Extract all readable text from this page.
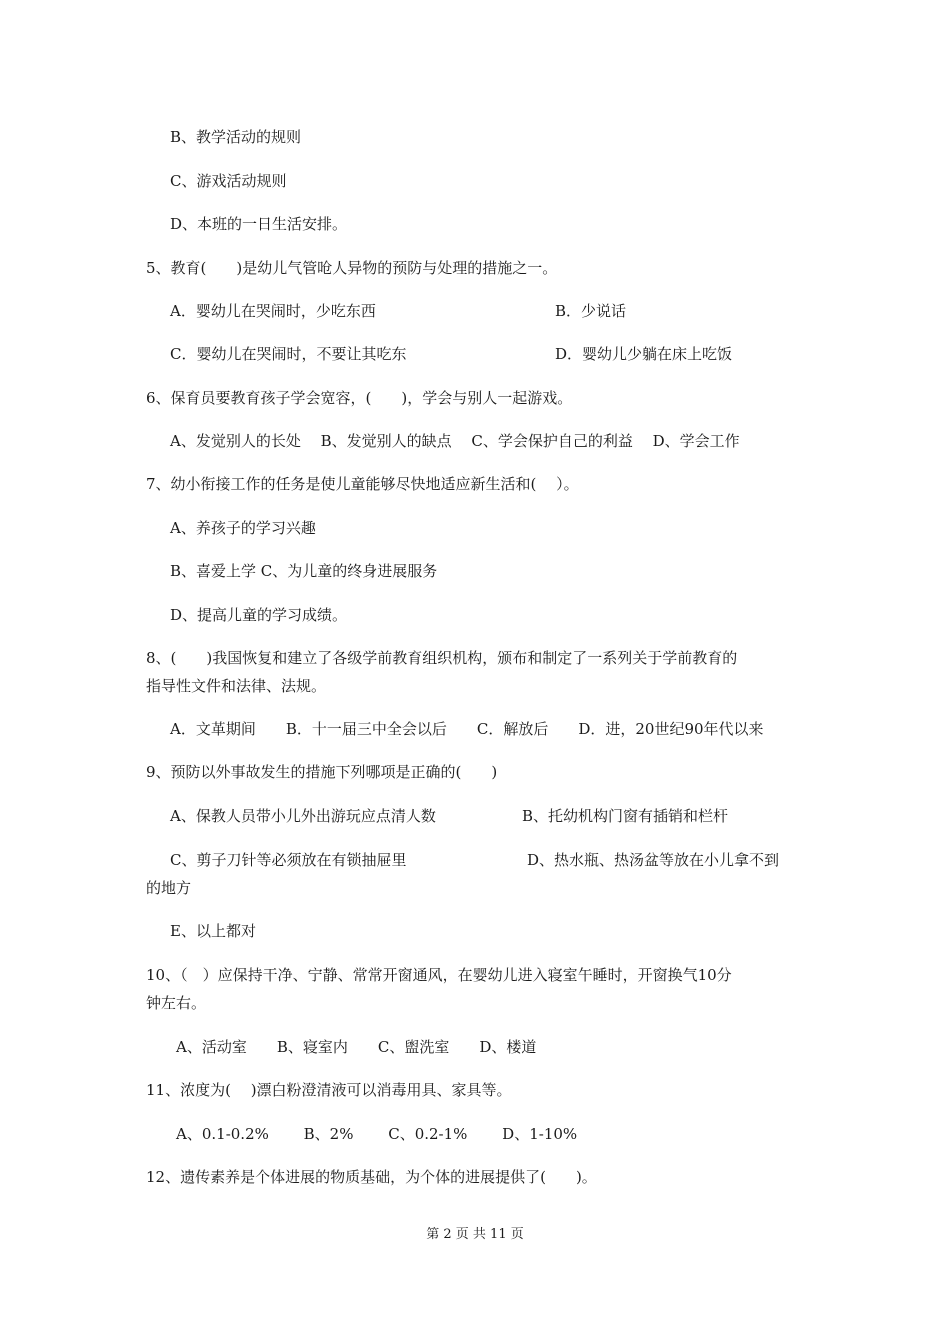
B、教学活动的规则
C、游戏活动规则
D、本班的一日生活安排。
5、教育(　　)是幼儿气管呛人异物的预防与处理的措施之一。
A．婴幼儿在哭闹时，少吃东西	B．少说话
C．婴幼儿在哭闹时，不要让其吃东	D．婴幼儿少躺在床上吃饭
6、保育员要教育孩子学会宽容，(　　)，学会与别人一起游戏。
A、发觉别人的长处　 B、发觉别人的缺点　 C、学会保护自己的利益　 D、学会工作
7、幼小衔接工作的任务是使儿童能够尽快地适应新生活和(　 ）。
A、养孩子的学习兴趣
B、喜爱上学 C、为儿童的终身进展服务
D、提高儿童的学习成绩。
8、(　　)我国恢复和建立了各级学前教育组织机构，颁布和制定了一系列关于学前教育的
指导性文件和法律、法规。
A．文革期间　　B．十一届三中全会以后　　C．解放后　　D．进，20世纪90年代以来
9、预防以外事故发生的措施下列哪项是正确的(　　)
A、保教人员带小儿外出游玩应点清人数	B、托幼机构门窗有插销和栏杆
C、剪子刀针等必须放在有锁抽屉里	D、热水瓶、热汤盆等放在小儿拿不到
的地方
E、以上都对
10、（　）应保持干净、宁静、常常开窗通风，在婴幼儿进入寝室午睡时，开窗换气10分
钟左右。
A、活动室　　B、寝室内　　C、盥洗室　　D、楼道
11、浓度为(　 )漂白粉澄清液可以消毒用具、家具等。
A、0.1-0.2%　　 B、2%　　 C、0.2-1%　　 D、1-10%
12、遗传素养是个体进展的物质基础，为个体的进展提供了(　　)。
第 2 页 共 11 页
